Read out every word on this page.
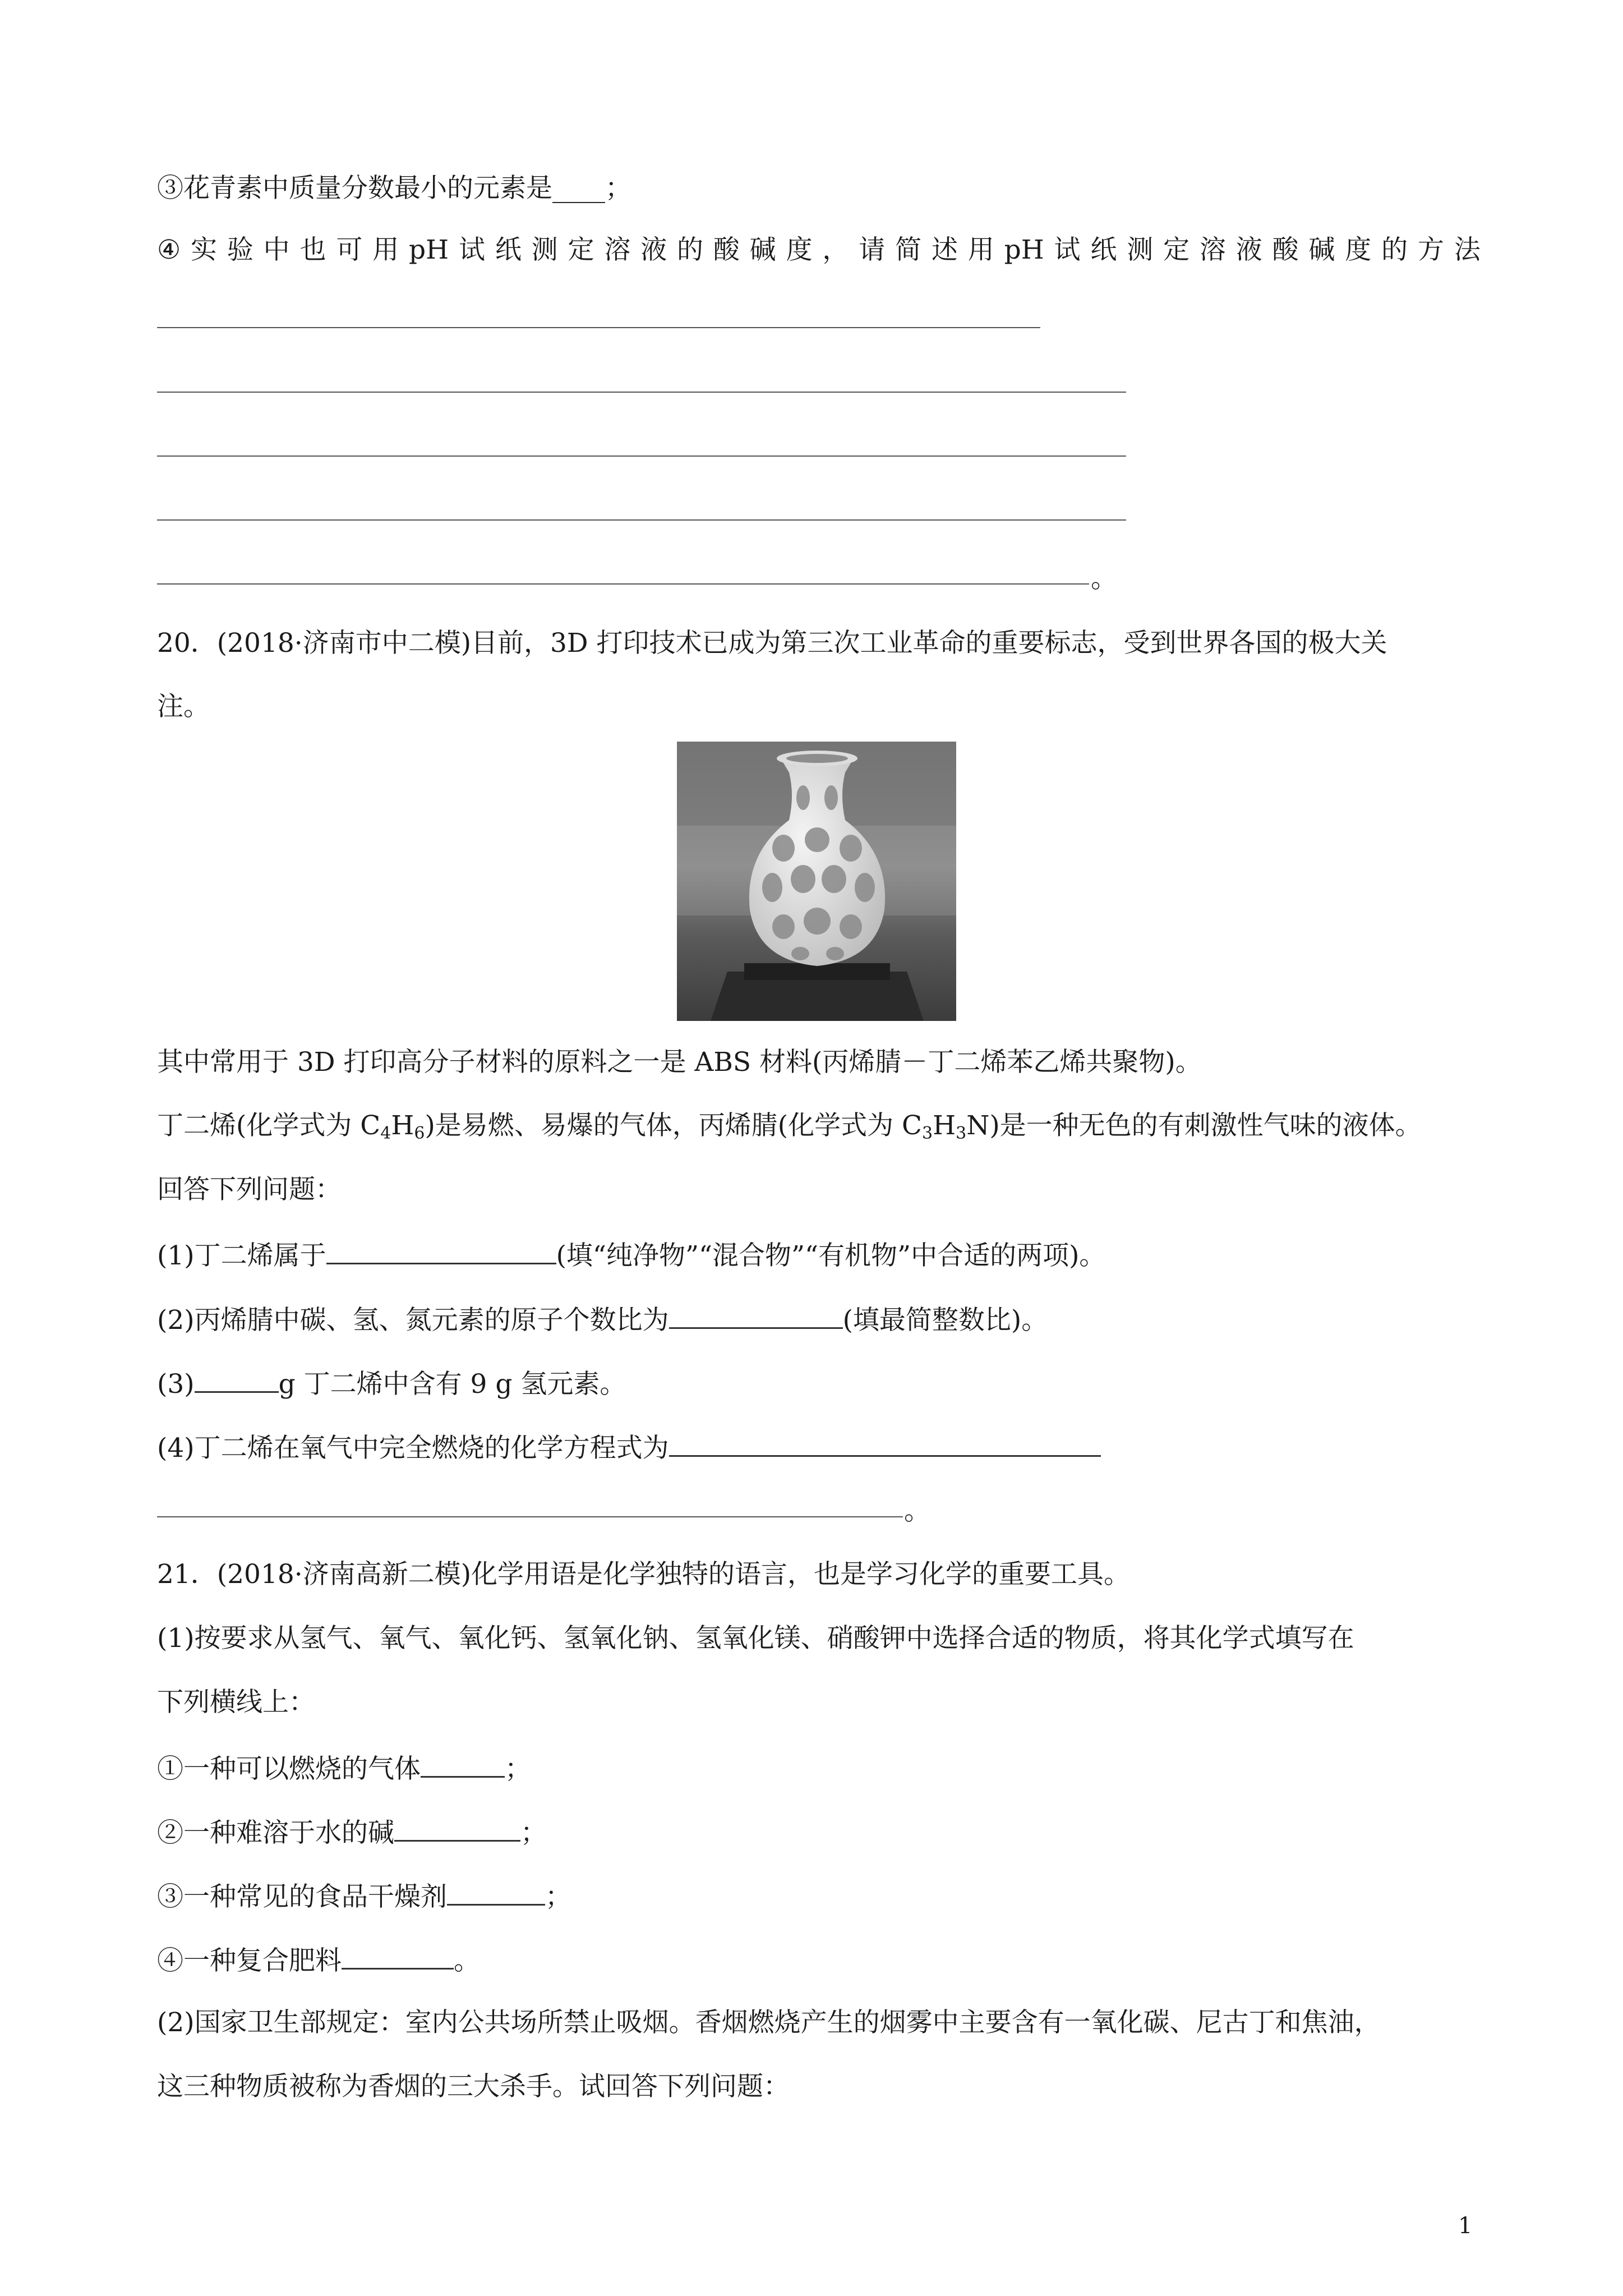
③花青素中质量分数最小的元素是____；
④ 实 验 中 也 可 用 pH 试 纸 测 定 溶 液 的 酸 碱 度 ， 请 简 述 用 pH 试 纸 测 定 溶 液 酸 碱 度 的 方 法
。
20．(2018·济南市中二模)目前，3D 打印技术已成为第三次工业革命的重要标志，受到世界各国的极大关
注。
其中常用于 3D 打印高分子材料的原料之一是 ABS 材料(丙烯腈－丁二烯苯乙烯共聚物)。
丁二烯(化学式为 $C_4H_6$)是易燃、易爆的气体，丙烯腈(化学式为 $C_3H_3N$)是一种无色的有刺激性气味的液体。
回答下列问题：
(1)丁二烯属于	(填“纯净物”“混合物”“有机物”中合适的两项)。
(2)丙烯腈中碳、氢、氮元素的原子个数比为	(填最简整数比)。
(3)	g 丁二烯中含有 9 g 氢元素。
(4)丁二烯在氧气中完全燃烧的化学方程式为
。
21．(2018·济南高新二模)化学用语是化学独特的语言，也是学习化学的重要工具。
(1)按要求从氢气、氧气、氧化钙、氢氧化钠、氢氧化镁、硝酸钾中选择合适的物质，将其化学式填写在
下列横线上：
①一种可以燃烧的气体	；
②一种难溶于水的碱	；
③一种常见的食品干燥剂	；
④一种复合肥料	。
(2)国家卫生部规定：室内公共场所禁止吸烟。香烟燃烧产生的烟雾中主要含有一氧化碳、尼古丁和焦油，
这三种物质被称为香烟的三大杀手。试回答下列问题：
1
